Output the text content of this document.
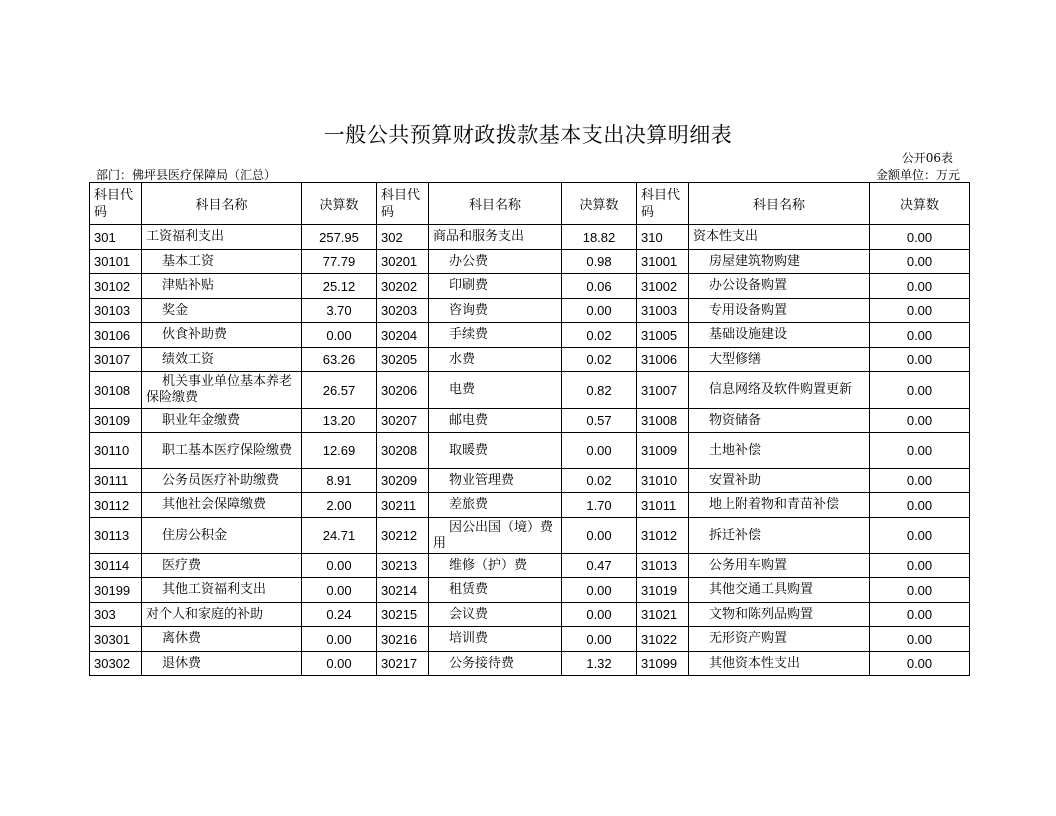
一般公共预算财政拨款基本支出决算明细表
公开06表
部门：佛坪县医疗保障局（汇总）	金额单位：万元
科目代码	科目名称	决算数	科目代码	科目名称	决算数	科目代码	科目名称	决算数
301	工资福利支出	257.95	302	商品和服务支出	18.82	310	资本性支出	0.00
30101	基本工资	77.79	30201	办公费	0.98	31001	房屋建筑物购建	0.00
30102	津贴补贴	25.12	30202	印刷费	0.06	31002	办公设备购置	0.00
30103	奖金	3.70	30203	咨询费	0.00	31003	专用设备购置	0.00
30106	伙食补助费	0.00	30204	手续费	0.02	31005	基础设施建设	0.00
30107	绩效工资	63.26	30205	水费	0.02	31006	大型修缮	0.00
30108	机关事业单位基本养老保险缴费	26.57	30206	电费	0.82	31007	信息网络及软件购置更新	0.00
30109	职业年金缴费	13.20	30207	邮电费	0.57	31008	物资储备	0.00
30110	职工基本医疗保险缴费	12.69	30208	取暖费	0.00	31009	土地补偿	0.00
30111	公务员医疗补助缴费	8.91	30209	物业管理费	0.02	31010	安置补助	0.00
30112	其他社会保障缴费	2.00	30211	差旅费	1.70	31011	地上附着物和青苗补偿	0.00
30113	住房公积金	24.71	30212	因公出国（境）费用	0.00	31012	拆迁补偿	0.00
30114	医疗费	0.00	30213	维修（护）费	0.47	31013	公务用车购置	0.00
30199	其他工资福利支出	0.00	30214	租赁费	0.00	31019	其他交通工具购置	0.00
303	对个人和家庭的补助	0.24	30215	会议费	0.00	31021	文物和陈列品购置	0.00
30301	离休费	0.00	30216	培训费	0.00	31022	无形资产购置	0.00
30302	退休费	0.00	30217	公务接待费	1.32	31099	其他资本性支出	0.00
